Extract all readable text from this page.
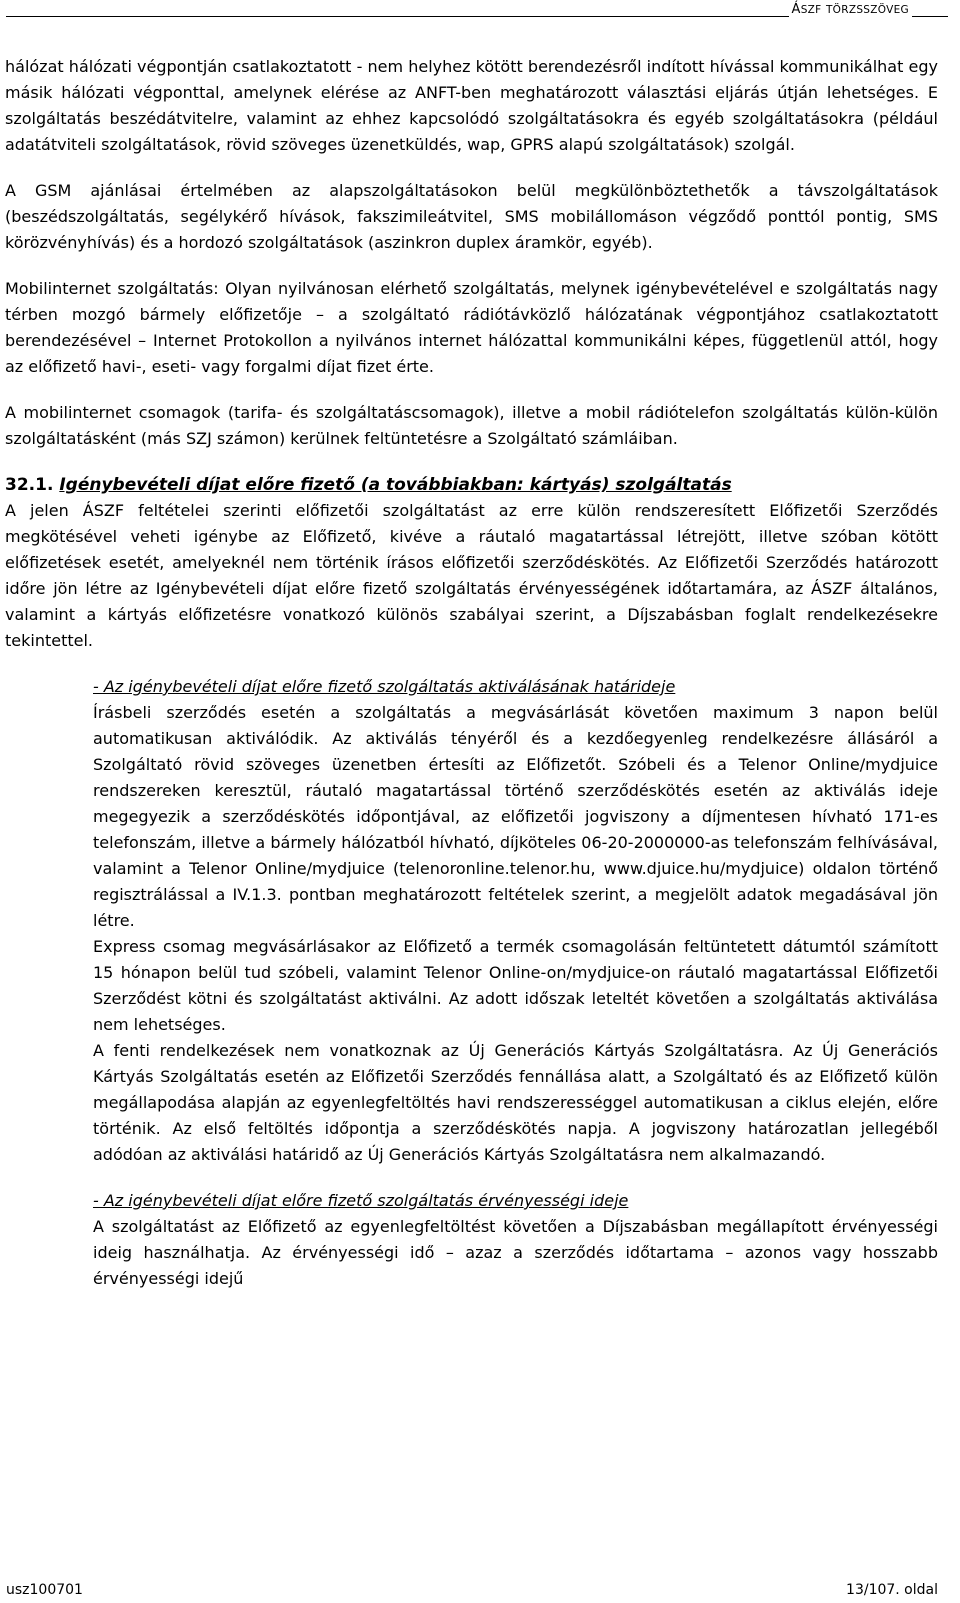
ÁSZF TÖRZSSZÖVEG

hálózat hálózati végpontján csatlakoztatott - nem helyhez kötött berendezésről indított hívással kommunikálhat egy másik hálózati végponttal, amelynek elérése az ANFT-ben meghatározott választási eljárás útján lehetséges. E szolgáltatás beszédátvitelre, valamint az ehhez kapcsolódó szolgáltatásokra és egyéb szolgáltatásokra (például adatátviteli szolgáltatások, rövid szöveges üzenetküldés, wap, GPRS alapú szolgáltatások) szolgál.

A GSM ajánlásai értelmében az alapszolgáltatásokon belül megkülönböztethetők a távszolgáltatások (beszédszolgáltatás, segélykérő hívások, fakszimileátvitel, SMS mobilállomáson végződő ponttól pontig, SMS körözvényhívás) és a hordozó szolgáltatások (aszinkron duplex áramkör, egyéb).

Mobilinternet szolgáltatás: Olyan nyilvánosan elérhető szolgáltatás, melynek igénybevételével e szolgáltatás nagy térben mozgó bármely előfizetője – a szolgáltató rádiótávközlő hálózatának végpontjához csatlakoztatott berendezésével – Internet Protokollon a nyilvános internet hálózattal kommunikálni képes, függetlenül attól, hogy az előfizető havi-, eseti- vagy forgalmi díjat fizet érte.

A mobilinternet csomagok (tarifa- és szolgáltatáscsomagok), illetve a mobil rádiótelefon szolgáltatás külön-külön szolgáltatásként (más SZJ számon) kerülnek feltüntetésre a Szolgáltató számláiban.

32.1. Igénybevételi díjat előre fizető (a továbbiakban: kártyás) szolgáltatás

A jelen ÁSZF feltételei szerinti előfizetői szolgáltatást az erre külön rendszeresített Előfizetői Szerződés megkötésével veheti igénybe az Előfizető, kivéve a ráutaló magatartással létrejött, illetve szóban kötött előfizetések esetét, amelyeknél nem történik írásos előfizetői szerződéskötés. Az Előfizetői Szerződés határozott időre jön létre az Igénybevételi díjat előre fizető szolgáltatás érvényességének időtartamára, az ÁSZF általános, valamint a kártyás előfizetésre vonatkozó különös szabályai szerint, a Díjszabásban foglalt rendelkezésekre tekintettel.

- Az igénybevételi díjat előre fizető szolgáltatás aktiválásának határideje

Írásbeli szerződés esetén a szolgáltatás a megvásárlását követően maximum 3 napon belül automatikusan aktiválódik. Az aktiválás tényéről és a kezdőegyenleg rendelkezésre állásáról a Szolgáltató rövid szöveges üzenetben értesíti az Előfizetőt. Szóbeli és a Telenor Online/mydjuice rendszereken keresztül, ráutaló magatartással történő szerződéskötés esetén az aktiválás ideje megegyezik a szerződéskötés időpontjával, az előfizetői jogviszony a díjmentesen hívható 171-es telefonszám, illetve a bármely hálózatból hívható, díjköteles 06-20-2000000-as telefonszám felhívásával, valamint a Telenor Online/mydjuice (telenoronline.telenor.hu, www.djuice.hu/mydjuice) oldalon történő regisztrálással a IV.1.3. pontban meghatározott feltételek szerint, a megjelölt adatok megadásával jön létre.

Express csomag megvásárlásakor az Előfizető a termék csomagolásán feltüntetett dátumtól számított 15 hónapon belül tud szóbeli, valamint Telenor Online-on/mydjuice-on ráutaló magatartással Előfizetői Szerződést kötni és szolgáltatást aktiválni. Az adott időszak leteltét követően a szolgáltatás aktiválása nem lehetséges.

A fenti rendelkezések nem vonatkoznak az Új Generációs Kártyás Szolgáltatásra. Az Új Generációs Kártyás Szolgáltatás esetén az Előfizetői Szerződés fennállása alatt, a Szolgáltató és az Előfizető külön megállapodása alapján az egyenlegfeltöltés havi rendszerességgel automatikusan a ciklus elején, előre történik. Az első feltöltés időpontja a szerződéskötés napja. A jogviszony határozatlan jellegéből adódóan az aktiválási határidő az Új Generációs Kártyás Szolgáltatásra nem alkalmazandó.

- Az igénybevételi díjat előre fizető szolgáltatás érvényességi ideje

A szolgáltatást az Előfizető az egyenlegfeltöltést követően a Díjszabásban megállapított érvényességi ideig használhatja. Az érvényességi idő – azaz a szerződés időtartama – azonos vagy hosszabb érvényességi idejű

usz100701	13/107. oldal
